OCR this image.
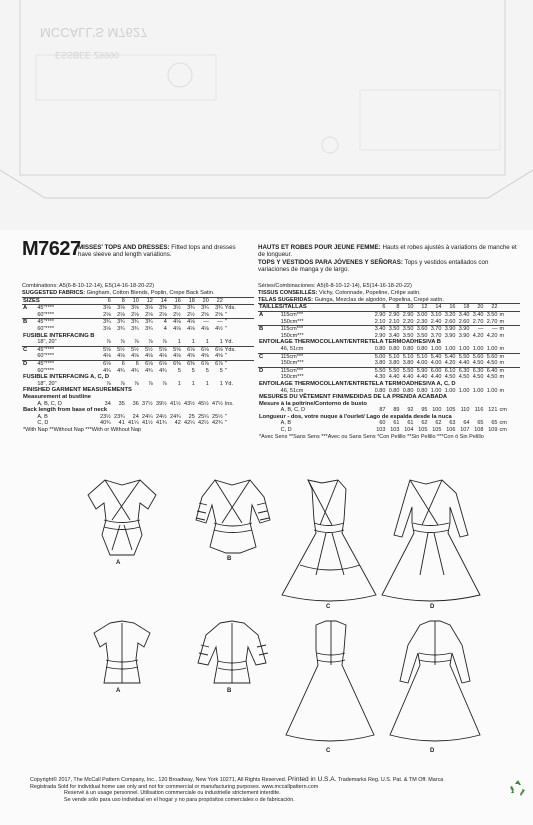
MCCALL'S M7627
ESSBEE Z9990
M7627
MISSES' TOPS AND DRESSES: Fitted tops and dresses have sleeve and length variations.
HAUTS ET ROBES POUR JEUNE FEMME: Hauts et robes ajustés à variations de manche et de longueur.
TOPS Y VESTIDOS PARA JÓVENES Y SEÑORAS: Tops y vestidos entallados con variaciones de manga y de largo.
Combinations: A5(6-8-10-12-14), E5(14-16-18-20-22)
SUGGESTED FABRICS: Gingham, Cotton Blends, Poplin, Crepe Back Satin.
SIZES		6	8	10	12	14	16	18	20	22	
A	45"****	3⅛	3⅛	3⅛	3⅛	3⅜	3½	3¾	3¾	3¾	Yds.
	60"****	2⅛	2⅛	2⅛	2⅛	2⅛	2½	2½	2⅝	2⅝	"
B	45"****	3¾	3¾	3¾	3¾	4	4⅛	4⅛	—	—	"
	60"****	3⅛	3¾	3¾	3¾	4	4⅛	4⅛	4⅛	4½	"
FUSIBLE INTERFACING B											
	18", 20"	⅞	⅞	⅞	⅞	⅞	1	1	1	1	Yd.
C	45"****	5⅝	5½	5½	5½	5⅝	5⅝	6⅛	6⅛	6⅛	Yds.
	60"****	4⅛	4⅛	4⅛	4⅛	4⅛	4⅛	4⅝	4⅝	4⅝	"
D	45"****	6⅛	6	6	6⅛	6⅛	6⅜	6⅜	6⅞	6⅞	"
	60"****	4¾	4¾	4¾	4¾	4¾	5	5	5	5	"
FUSIBLE INTERFACING A, C, D											
	18", 20"	⅞	⅞	⅞	⅞	⅞	1	1	1	1	Yd.
FINISHED GARMENT MEASUREMENTS											
Measurement at bustline											
	A, B, C, D	34	35	36	37½	39½	41½	43½	45½	47½	Ins.
Back length from base of neck											
	A, B	23½	23¾	24	24¼	24½	24¾	25	25¼	25½	"
	C, D	40¾	41	41¼	41½	41¾	42	42¼	42½	42¾	"
*With Nap **Without Nap ***With or Without Nap											
Séries/Combinaciones: A5(6-8-10-12-14), E5(14-16-18-20-22)
TISSUS CONSEILLÉS: Vichy, Cotonnade, Popeline, Crêpe satin.
TELAS SUGERIDAS: Guinga, Mezclas de algodón, Popelina, Crepé satín.
TAILLES/TALLAS		6	8	10	12	14	16	18	20	22	
A	115cm***	2.90	2.90	2.90	3.00	3.10	3.20	3.40	3.40	3.50	m
	150cm***	2.10	2.10	2.20	2.30	2.40	2.60	2.60	2.70	2.70	m
B	115cm***	3.40	3.50	3.50	3.60	3.70	3.90	3.90	—	—	m
	150cm***	2.90	3.40	3.50	3.50	3.70	3.90	3.90	4.20	4.20	m
ENTOILAGE THERMOCOLLANT/ENTRETELA TERMOADHESIVA B											
	46, 51cm	0.80	0.80	0.80	0.80	1.00	1.00	1.00	1.00	1.00	m
C	115cm***	5.00	5.10	5.10	5.10	5.40	5.40	5.50	5.60	5.60	m
	150cm***	3.80	3.80	3.80	4.00	4.00	4.20	4.40	4.50	4.50	m
D	115cm***	5.50	5.50	5.50	5.90	6.00	6.10	6.30	6.30	6.40	m
	150cm***	4.30	4.40	4.40	4.40	4.40	4.50	4.50	4.50	4.50	m
ENTOILAGE THERMOCOLLANT/ENTRETELA TERMOADHESIVA A, C, D											
	46, 51cm	0.80	0.80	0.80	0.80	1.00	1.00	1.00	1.00	1.00	m
MESURES DU VÊTEMENT FINI/MEDIDAS DE LA PRENDA ACABADA											
Mesure à la poitrine/Contorno de busto											
	A, B, C, D	87	89	92	95	100	105	110	116	121	cm
Longueur - dos, votre nuque à l'ourlet/ Lago de espalda desde la nuca											
	A, B	60	61	61	62	62	63	64	65	65	cm
	C, D	103	103	104	105	105	106	107	108	109	cm
*Avec Sens **Sans Sens ***Avec ou Sans Sens *Con Pelillo **Sin Pelillo ***Con ó Sin Pelillo											
A
B
C	D
A	B
C	D
Copyright© 2017, The McCall Pattern Company, Inc., 120 Broadway, New York 10271, All Rights Reserved. Printed in U.S.A. Trademarks Reg. U.S. Pat. & TM Off. Marca
Registrada Sold for individual home use only and not for commercial or manufacturing purposes. www.mccallpattern.com
Reservé à un usage personnel. Utilisation commerciale ou industrielle strictement interdite.
Se vende sólo para uso individual en el hogar y no para propósitos comerciales o de fabricación.
